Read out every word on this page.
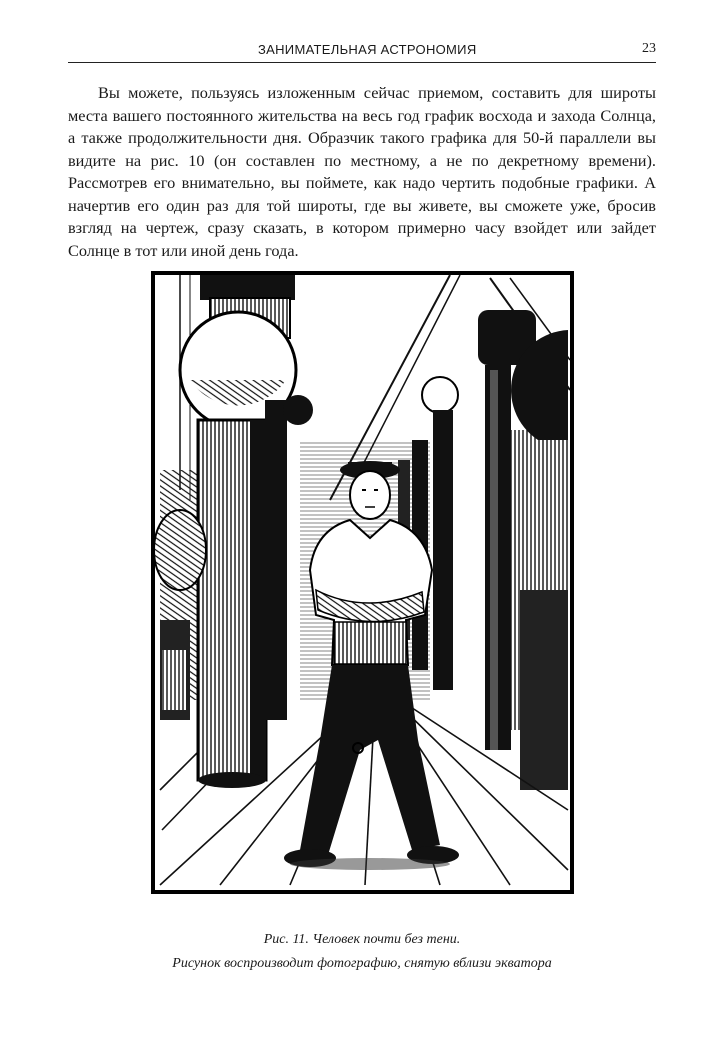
ЗАНИМАТЕЛЬНАЯ АСТРОНОМИЯ	23
Вы можете, пользуясь изложенным сейчас приемом, составить для широты места вашего постоянного жительства на весь год график восхода и захода Солнца, а также продолжительности дня. Образчик такого графика для 50-й параллели вы видите на рис. 10 (он составлен по местному, а не по декретному времени). Рассмотрев его внимательно, вы поймете, как надо чертить подобные графики. А начертив его один раз для той широты, где вы живете, вы сможете уже, бросив взгляд на чертеж, сразу сказать, в котором примерно часу взойдет или зайдет Солнце в тот или иной день года.
Рис. 11. Человек почти без тени.
Рисунок воспроизводит фотографию, снятую вблизи экватора
